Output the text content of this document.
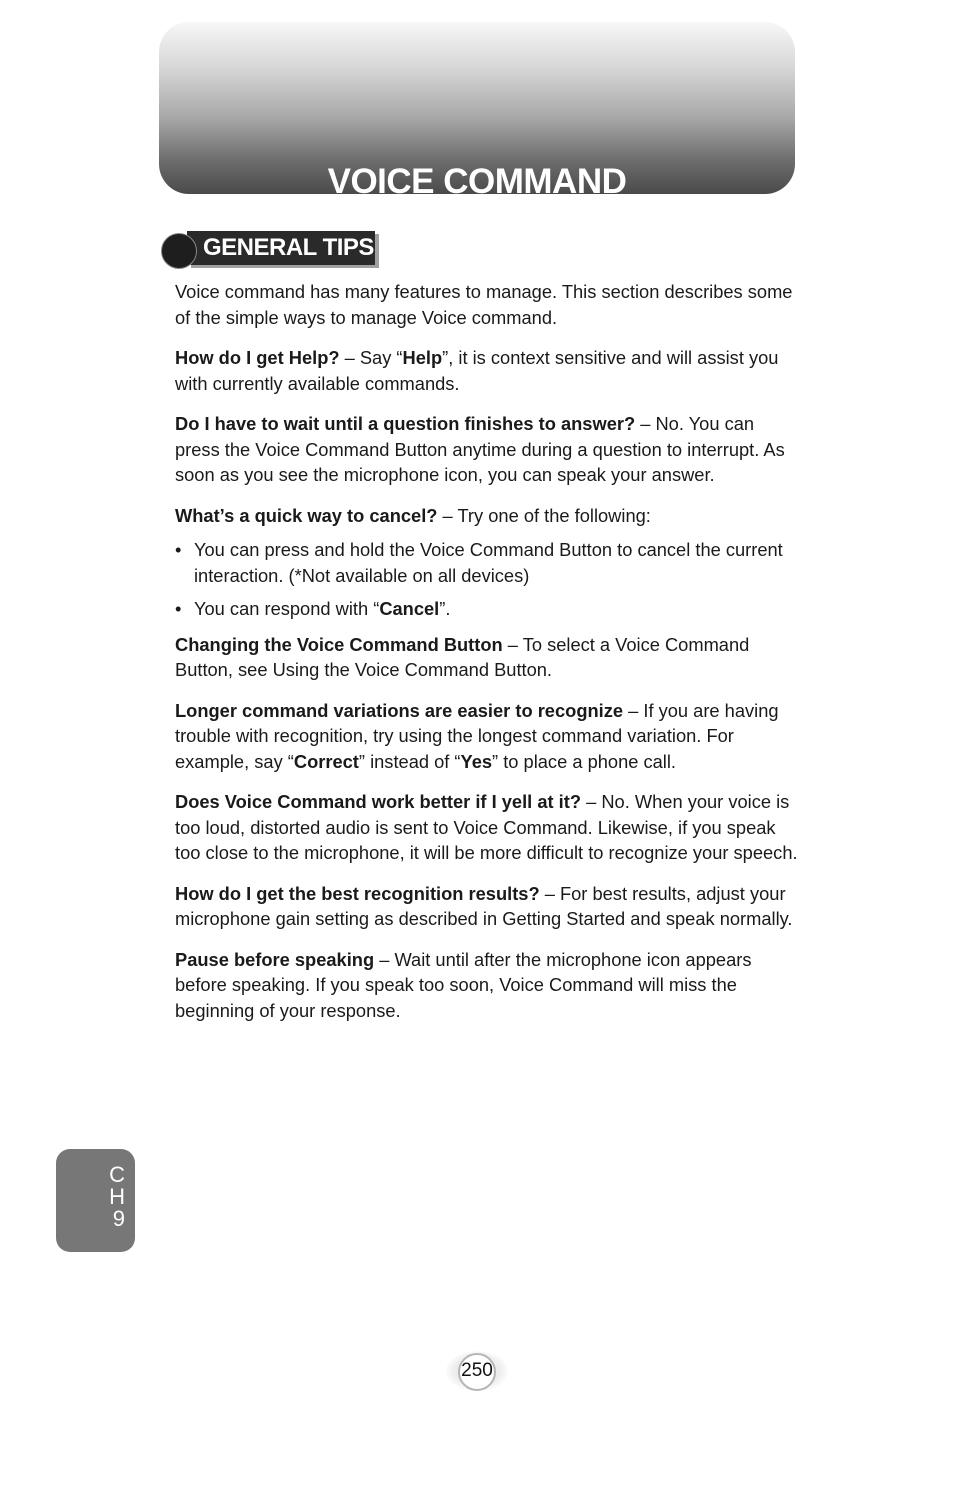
VOICE COMMAND
GENERAL TIPS

Voice command has many features to manage. This section describes some of the simple ways to manage Voice command.

How do I get Help? – Say “Help”, it is context sensitive and will assist you with currently available commands.

Do I have to wait until a question finishes to answer? – No. You can press the Voice Command Button anytime during a question to interrupt. As soon as you see the microphone icon, you can speak your answer.

What’s a quick way to cancel? – Try one of the following:

• You can press and hold the Voice Command Button to cancel the current interaction. (*Not available on all devices)
• You can respond with “Cancel”.

Changing the Voice Command Button – To select a Voice Command Button, see Using the Voice Command Button.

Longer command variations are easier to recognize – If you are having trouble with recognition, try using the longest command variation. For example, say “Correct” instead of “Yes” to place a phone call.

Does Voice Command work better if I yell at it? – No. When your voice is too loud, distorted audio is sent to Voice Command. Likewise, if you speak too close to the microphone, it will be more difficult to recognize your speech.

How do I get the best recognition results? – For best results, adjust your microphone gain setting as described in Getting Started and speak normally.

Pause before speaking – Wait until after the microphone icon appears before speaking. If you speak too soon, Voice Command will miss the beginning of your response.

C
H
9
250
